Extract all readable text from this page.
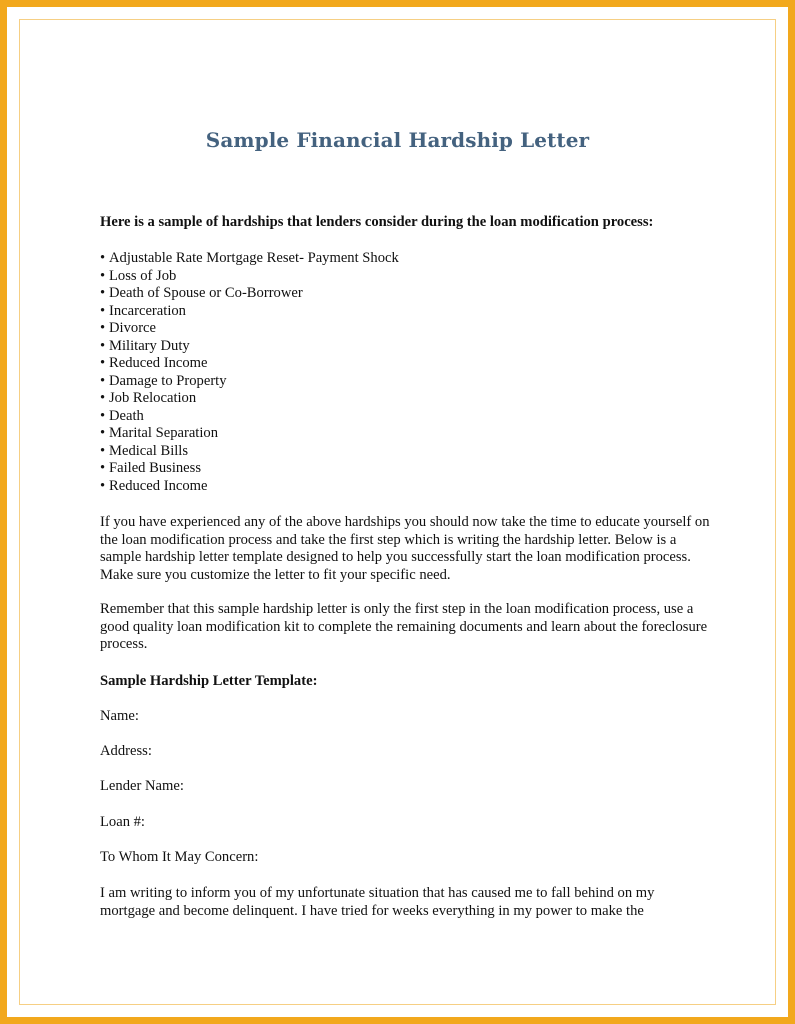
Sample Financial Hardship Letter
Here is a sample of hardships that lenders consider during the loan modification process:
• Adjustable Rate Mortgage Reset- Payment Shock
• Loss of Job
• Death of Spouse or Co-Borrower
• Incarceration
• Divorce
• Military Duty
• Reduced Income
• Damage to Property
• Job Relocation
• Death
• Marital Separation
• Medical Bills
• Failed Business
• Reduced Income

If you have experienced any of the above hardships you should now take the time to educate yourself on the loan modification process and take the first step which is writing the hardship letter. Below is a sample hardship letter template designed to help you successfully start the loan modification process. Make sure you customize the letter to fit your specific need.

Remember that this sample hardship letter is only the first step in the loan modification process, use a good quality loan modification kit to complete the remaining documents and learn about the foreclosure process.

Sample Hardship Letter Template:
Name:
Address:
Lender Name:
Loan #:
To Whom It May Concern:

I am writing to inform you of my unfortunate situation that has caused me to fall behind on my mortgage and become delinquent. I have tried for weeks everything in my power to make the
